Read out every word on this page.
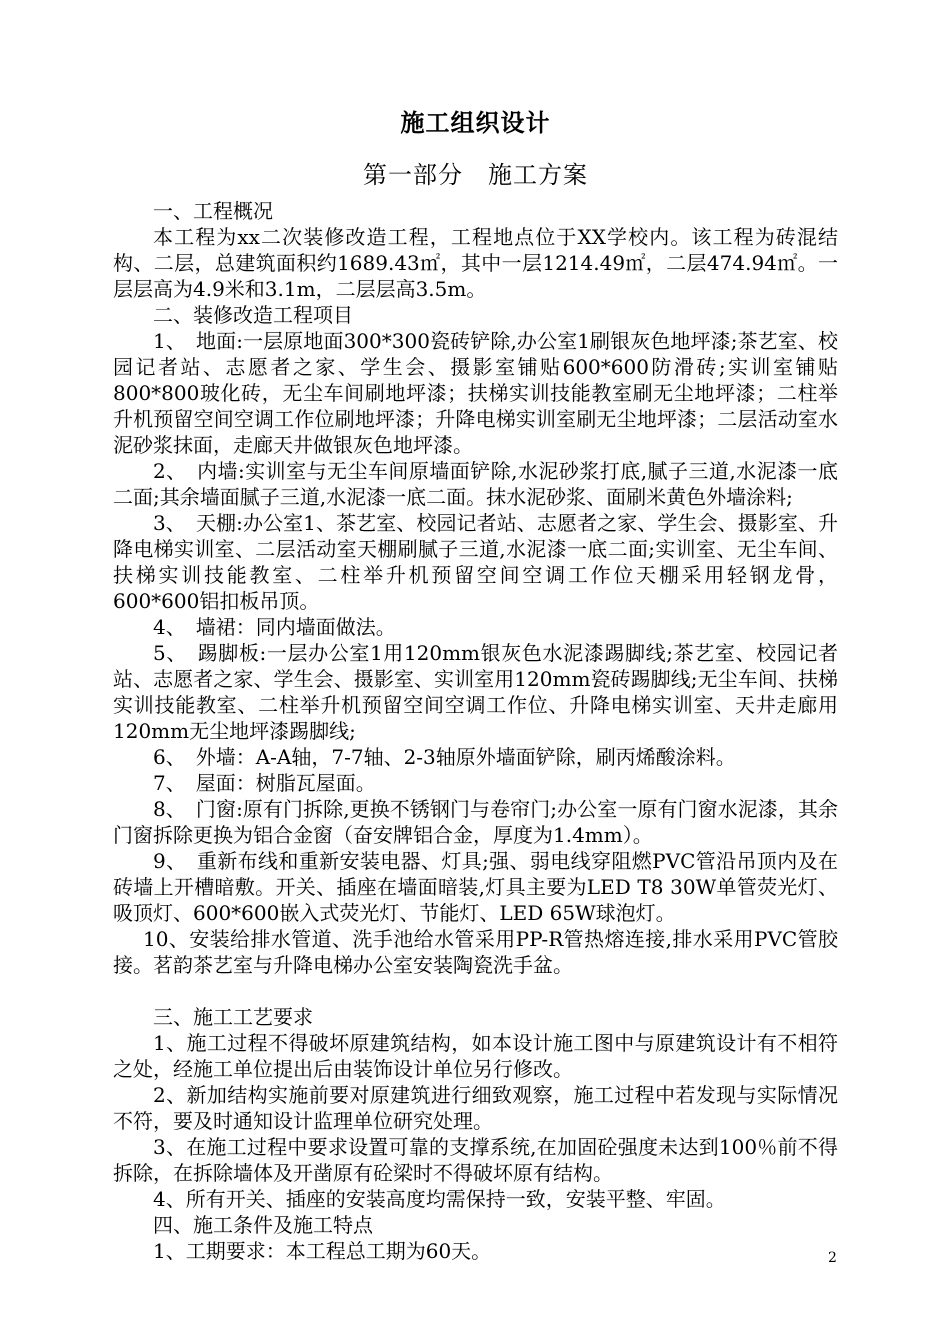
施工组织设计
第一部分　施工方案

一、工程概况

本工程为xx二次装修改造工程，工程地点位于XX学校内。该工程为砖混结构、二层，总建筑面积约1689.43㎡，其中一层1214.49㎡，二层474.94㎡。一层层高为4.9米和3.1m，二层层高3.5m。

二、装修改造工程项目

1、　地面:一层原地面300*300瓷砖铲除,办公室1刷银灰色地坪漆;茶艺室、校园记者站、志愿者之家、学生会、摄影室铺贴600*600防滑砖;实训室铺贴800*800玻化砖，无尘车间刷地坪漆；扶梯实训技能教室刷无尘地坪漆；二柱举升机预留空间空调工作位刷地坪漆；升降电梯实训室刷无尘地坪漆；二层活动室水泥砂浆抹面，走廊天井做银灰色地坪漆。

2、　内墙:实训室与无尘车间原墙面铲除,水泥砂浆打底,腻子三道,水泥漆一底二面;其余墙面腻子三道,水泥漆一底二面。抹水泥砂浆、面刷米黄色外墙涂料;

3、　天棚:办公室1、茶艺室、校园记者站、志愿者之家、学生会、摄影室、升降电梯实训室、二层活动室天棚刷腻子三道,水泥漆一底二面;实训室、无尘车间、扶梯实训技能教室、二柱举升机预留空间空调工作位天棚采用轻钢龙骨，600*600铝扣板吊顶。

4、　墙裙：同内墙面做法。

5、　踢脚板:一层办公室1用120mm银灰色水泥漆踢脚线;茶艺室、校园记者站、志愿者之家、学生会、摄影室、实训室用120mm瓷砖踢脚线;无尘车间、扶梯实训技能教室、二柱举升机预留空间空调工作位、升降电梯实训室、天井走廊用120mm无尘地坪漆踢脚线;

6、　外墙：A-A轴，7-7轴、2-3轴原外墙面铲除，刷丙烯酸涂料。

7、　屋面：树脂瓦屋面。

8、　门窗:原有门拆除,更换不锈钢门与卷帘门;办公室一原有门窗水泥漆，其余门窗拆除更换为铝合金窗（奋安牌铝合金，厚度为1.4mm）。

9、　重新布线和重新安装电器、灯具;强、弱电线穿阻燃PVC管沿吊顶内及在砖墙上开槽暗敷。开关、插座在墙面暗装,灯具主要为LED T8 30W单管荧光灯、吸顶灯、600*600嵌入式荧光灯、节能灯、LED 65W球泡灯。

10、安装给排水管道、洗手池给水管采用PP-R管热熔连接,排水采用PVC管胶接。茗韵茶艺室与升降电梯办公室安装陶瓷洗手盆。

三、施工工艺要求

1、施工过程不得破坏原建筑结构，如本设计施工图中与原建筑设计有不相符之处，经施工单位提出后由装饰设计单位另行修改。

2、新加结构实施前要对原建筑进行细致观察，施工过程中若发现与实际情况不符，要及时通知设计监理单位研究处理。

3、在施工过程中要求设置可靠的支撑系统,在加固砼强度未达到100％前不得拆除，在拆除墙体及开凿原有砼梁时不得破坏原有结构。

4、所有开关、插座的安装高度均需保持一致，安装平整、牢固。

四、施工条件及施工特点

1、工期要求：本工程总工期为60天。	2
